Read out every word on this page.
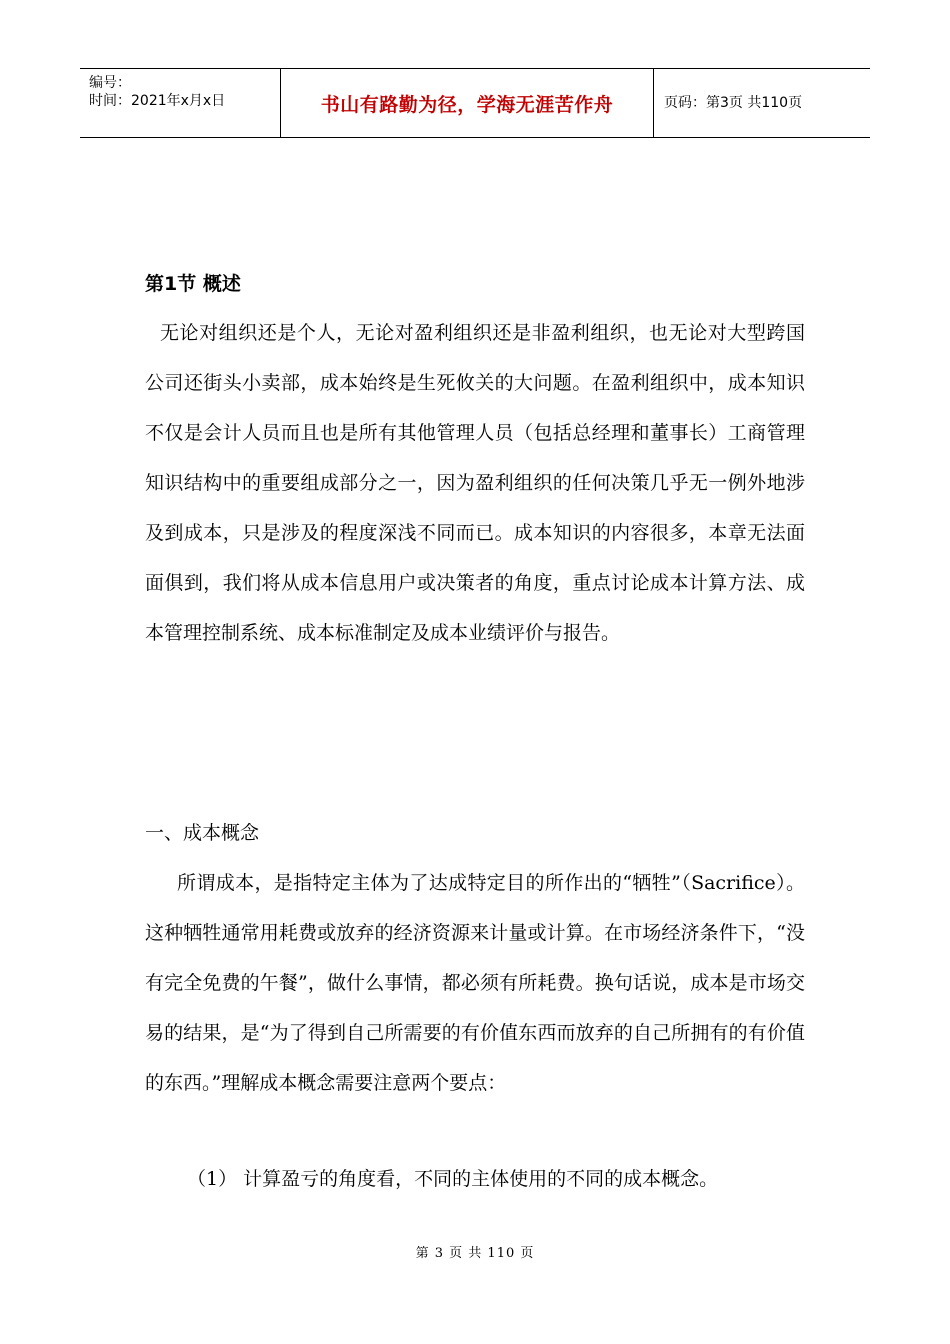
编号：
时间：2021年x月x日	书山有路勤为径，学海无涯苦作舟	页码：第3页 共110页
第1节 概述

无论对组织还是个人，无论对盈利组织还是非盈利组织，也无论对大型跨国公司还街头小卖部，成本始终是生死攸关的大问题。在盈利组织中，成本知识不仅是会计人员而且也是所有其他管理人员（包括总经理和董事长）工商管理知识结构中的重要组成部分之一，因为盈利组织的任何决策几乎无一例外地涉及到成本，只是涉及的程度深浅不同而已。成本知识的内容很多，本章无法面面俱到，我们将从成本信息用户或决策者的角度，重点讨论成本计算方法、成本管理控制系统、成本标准制定及成本业绩评价与报告。

一、成本概念

所谓成本，是指特定主体为了达成特定目的所作出的“牺牲”（Sacrifice）。这种牺牲通常用耗费或放弃的经济资源来计量或计算。在市场经济条件下，“没有完全免费的午餐”，做什么事情，都必须有所耗费。换句话说，成本是市场交易的结果，是“为了得到自己所需要的有价值东西而放弃的自己所拥有的有价值的东西。”理解成本概念需要注意两个要点：

（1） 计算盈亏的角度看，不同的主体使用的不同的成本概念。
第 3 页 共 110 页
